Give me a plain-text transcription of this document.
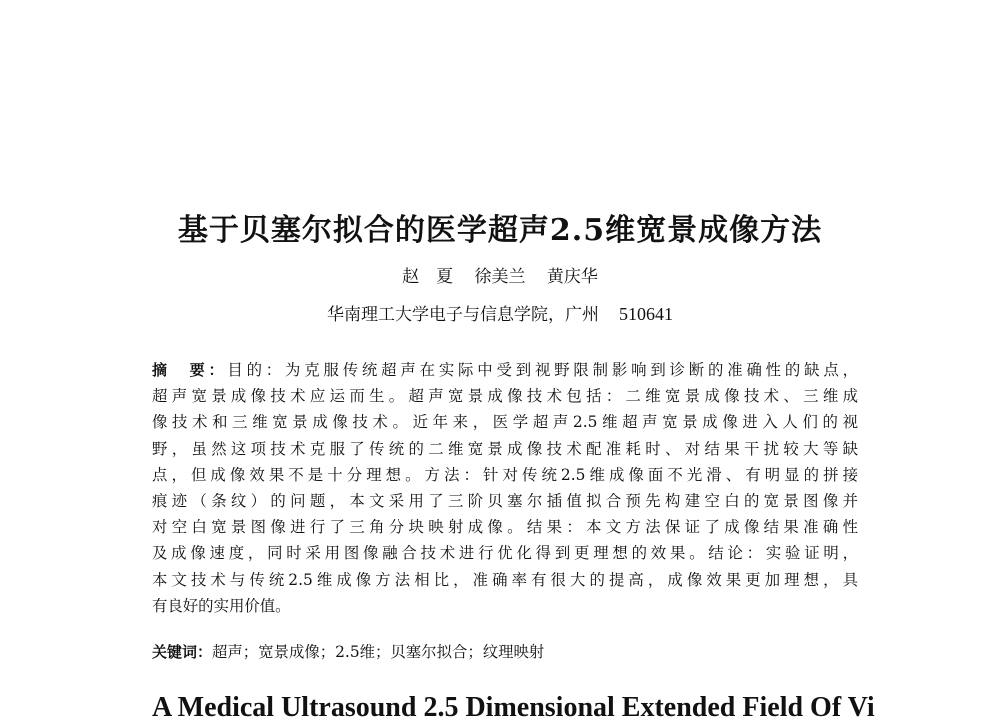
基于贝塞尔拟合的医学超声2.5维宽景成像方法
赵　夏 徐美兰 黄庆华
华南理工大学电子与信息学院，广州 510641
摘　要：目的：为克服传统超声在实际中受到视野限制影响到诊断的准确性的缺点，
超声宽景成像技术应运而生。超声宽景成像技术包括：二维宽景成像技术、三维成
像技术和三维宽景成像技术。近年来，医学超声2.5维超声宽景成像进入人们的视
野，虽然这项技术克服了传统的二维宽景成像技术配准耗时、对结果干扰较大等缺
点，但成像效果不是十分理想。方法：针对传统2.5维成像面不光滑、有明显的拼接
痕迹（条纹）的问题，本文采用了三阶贝塞尔插值拟合预先构建空白的宽景图像并
对空白宽景图像进行了三角分块映射成像。结果：本文方法保证了成像结果准确性
及成像速度，同时采用图像融合技术进行优化得到更理想的效果。结论：实验证明，
本文技术与传统2.5维成像方法相比，准确率有很大的提高，成像效果更加理想，具
有良好的实用价值。
关键词：超声；宽景成像；2.5维；贝塞尔拟合；纹理映射
A Medical Ultrasound 2.5 Dimensional Extended Field Of Vi
